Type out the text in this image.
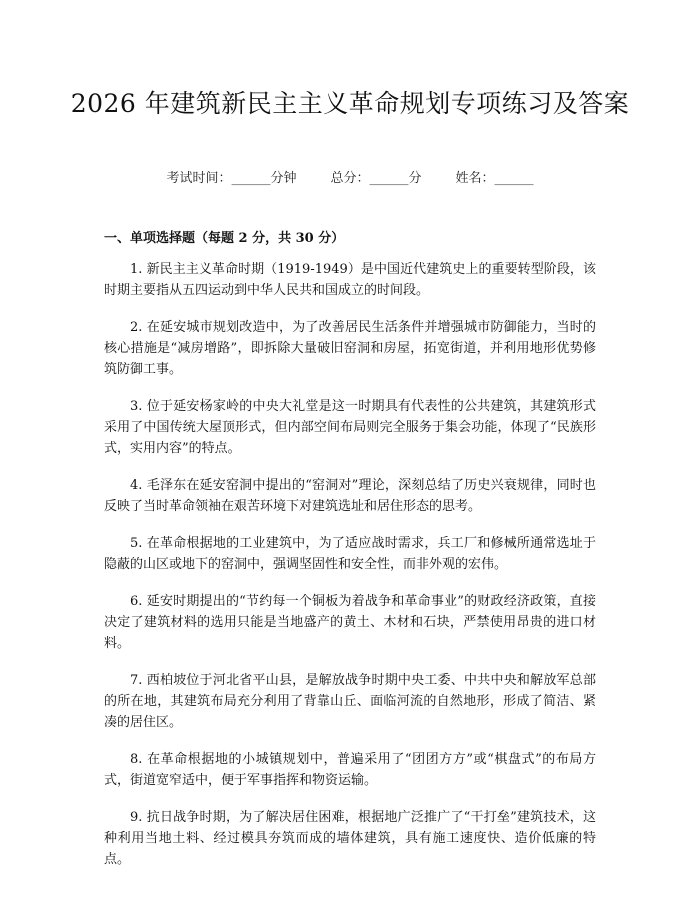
2026 年建筑新民主主义革命规划专项练习及答案
考试时间：______分钟	总分：______分	姓名：______
一、单项选择题（每题 2 分，共 30 分）
1. 新民主主义革命时期（1919-1949）是中国近代建筑史上的重要转型阶段，该时期主要指从五四运动到中华人民共和国成立的时间段。
2. 在延安城市规划改造中，为了改善居民生活条件并增强城市防御能力，当时的核心措施是“减房增路”，即拆除大量破旧窑洞和房屋，拓宽街道，并利用地形优势修筑防御工事。
3. 位于延安杨家岭的中央大礼堂是这一时期具有代表性的公共建筑，其建筑形式采用了中国传统大屋顶形式，但内部空间布局则完全服务于集会功能，体现了“民族形式，实用内容”的特点。
4. 毛泽东在延安窑洞中提出的“窑洞对”理论，深刻总结了历史兴衰规律，同时也反映了当时革命领袖在艰苦环境下对建筑选址和居住形态的思考。
5. 在革命根据地的工业建筑中，为了适应战时需求，兵工厂和修械所通常选址于隐蔽的山区或地下的窑洞中，强调坚固性和安全性，而非外观的宏伟。
6. 延安时期提出的“节约每一个铜板为着战争和革命事业”的财政经济政策，直接决定了建筑材料的选用只能是当地盛产的黄土、木材和石块，严禁使用昂贵的进口材料。
7. 西柏坡位于河北省平山县，是解放战争时期中央工委、中共中央和解放军总部的所在地，其建筑布局充分利用了背靠山丘、面临河流的自然地形，形成了简洁、紧凑的居住区。
8. 在革命根据地的小城镇规划中，普遍采用了“团团方方”或“棋盘式”的布局方式，街道宽窄适中，便于军事指挥和物资运输。
9. 抗日战争时期，为了解决居住困难，根据地广泛推广了“干打垒”建筑技术，这种利用当地土料、经过模具夯筑而成的墙体建筑，具有施工速度快、造价低廉的特点。
